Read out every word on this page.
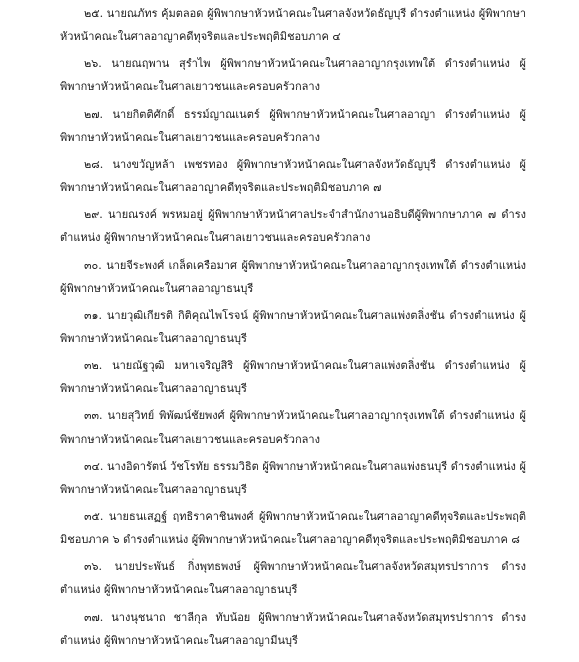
๒๕. นายณภัทร คุ้มตลอด ผู้พิพากษาหัวหน้าคณะในศาลจังหวัดธัญบุรี ดำรงตำแหน่ง ผู้พิพากษาหัวหน้าคณะในศาลอาญาคดีทุจริตและประพฤติมิชอบภาค ๔

๒๖. นายณฤพาน สุรำไพ ผู้พิพากษาหัวหน้าคณะในศาลอาญากรุงเทพใต้ ดำรงตำแหน่ง ผู้พิพากษาหัวหน้าคณะในศาลเยาวชนและครอบครัวกลาง

๒๗. นายกิตติศักดิ์ ธรรม์ญาณเนตร์ ผู้พิพากษาหัวหน้าคณะในศาลอาญา ดำรงตำแหน่ง ผู้พิพากษาหัวหน้าคณะในศาลเยาวชนและครอบครัวกลาง

๒๘. นางขวัญหล้า เพชรทอง ผู้พิพากษาหัวหน้าคณะในศาลจังหวัดธัญบุรี ดำรงตำแหน่ง ผู้พิพากษาหัวหน้าคณะในศาลอาญาคดีทุจริตและประพฤติมิชอบภาค ๗

๒๙. นายณรงค์ พรหมอยู่ ผู้พิพากษาหัวหน้าศาลประจำสำนักงานอธิบดีผู้พิพากษาภาค ๗ ดำรงตำแหน่ง ผู้พิพากษาหัวหน้าคณะในศาลเยาวชนและครอบครัวกลาง

๓๐. นายจีระพงศ์ เกล็ดเครือมาศ ผู้พิพากษาหัวหน้าคณะในศาลอาญากรุงเทพใต้ ดำรงตำแหน่ง ผู้พิพากษาหัวหน้าคณะในศาลอาญาธนบุรี

๓๑. นายวุฒิเกียรติ กิติคุณไพโรจน์ ผู้พิพากษาหัวหน้าคณะในศาลแพ่งตลิ่งชัน ดำรงตำแหน่ง ผู้พิพากษาหัวหน้าคณะในศาลอาญาธนบุรี

๓๒. นายณัฐวุฒิ มหาเจริญสิริ ผู้พิพากษาหัวหน้าคณะในศาลแพ่งตลิ่งชัน ดำรงตำแหน่ง ผู้พิพากษาหัวหน้าคณะในศาลอาญาธนบุรี

๓๓. นายสุวิทย์ พิพัฒน์ชัยพงศ์ ผู้พิพากษาหัวหน้าคณะในศาลอาญากรุงเทพใต้ ดำรงตำแหน่ง ผู้พิพากษาหัวหน้าคณะในศาลเยาวชนและครอบครัวกลาง

๓๔. นางอิดารัตน์ วัชโรทัย ธรรมวิธิต ผู้พิพากษาหัวหน้าคณะในศาลแพ่งธนบุรี ดำรงตำแหน่ง ผู้พิพากษาหัวหน้าคณะในศาลอาญาธนบุรี

๓๕. นายธนเสฏฐ์ ฤทธิราคาชินพงศ์ ผู้พิพากษาหัวหน้าคณะในศาลอาญาคดีทุจริตและประพฤติมิชอบภาค ๖ ดำรงตำแหน่ง ผู้พิพากษาหัวหน้าคณะในศาลอาญาคดีทุจริตและประพฤติมิชอบภาค ๘

๓๖. นายประพันธ์ กิ่งพุทธพงษ์ ผู้พิพากษาหัวหน้าคณะในศาลจังหวัดสมุทรปราการ ดำรงตำแหน่ง ผู้พิพากษาหัวหน้าคณะในศาลอาญาธนบุรี

๓๗. นางนุชนาถ ชาลีกุล ทับน้อย ผู้พิพากษาหัวหน้าคณะในศาลจังหวัดสมุทรปราการ ดำรงตำแหน่ง ผู้พิพากษาหัวหน้าคณะในศาลอาญามีนบุรี
